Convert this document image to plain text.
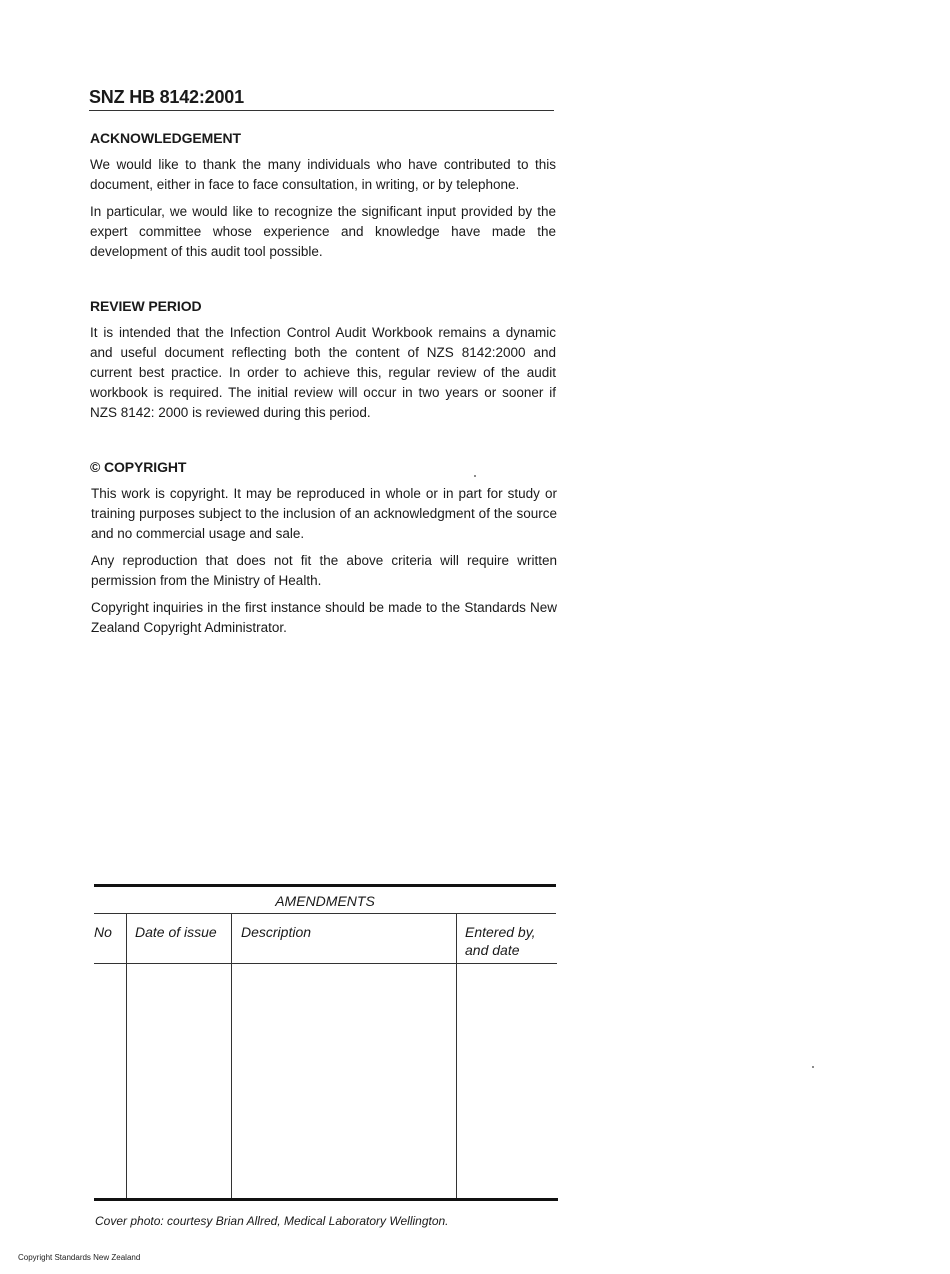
SNZ HB 8142:2001
ACKNOWLEDGEMENT

We would like to thank the many individuals who have contributed to this document, either in face to face consultation, in writing, or by telephone.

In particular, we would like to recognize the significant input provided by the expert committee whose experience and knowledge have made the development of this audit tool possible.

REVIEW PERIOD

It is intended that the Infection Control Audit Workbook remains a dynamic and useful document reflecting both the content of NZS 8142:2000 and current best practice. In order to achieve this, regular review of the audit workbook is required. The initial review will occur in two years or sooner if NZS 8142: 2000 is reviewed during this period.

© COPYRIGHT

This work is copyright. It may be reproduced in whole or in part for study or training purposes subject to the inclusion of an acknowledgment of the source and no commercial usage and sale.

Any reproduction that does not fit the above criteria will require written permission from the Ministry of Health.

Copyright inquiries in the first instance should be made to the Standards New Zealand Copyright Administrator.

AMENDMENTS
No Date of issue Description	Entered by, and date
Cover photo: courtesy Brian Allred, Medical Laboratory Wellington.
Copyright Standards New Zealand
